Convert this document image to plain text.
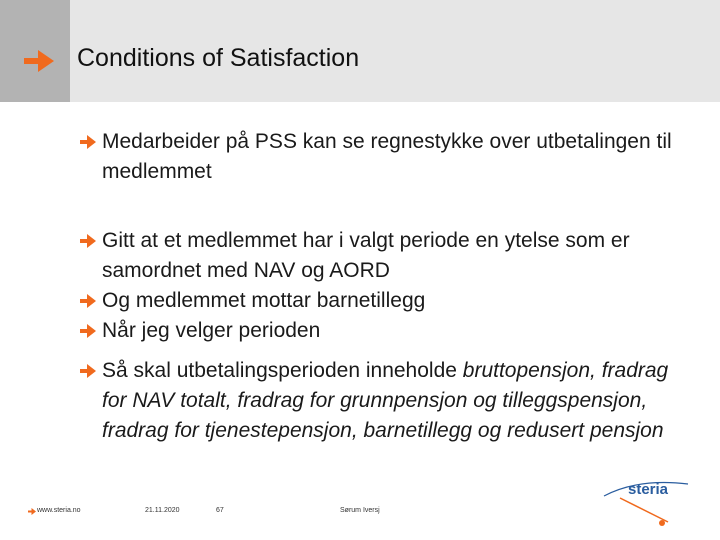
Conditions of Satisfaction
Medarbeider på PSS kan se regnestykke over utbetalingen til medlemmet
Gitt at et medlemmet har i valgt periode en ytelse som er samordnet med NAV og AORD
Og medlemmet mottar barnetillegg
Når jeg velger perioden
Så skal utbetalingsperioden inneholde bruttopensjon, fradrag for NAV totalt, fradrag for grunnpensjon og tilleggspensjon, fradrag for tjenestepensjon, barnetillegg og redusert pensjon
www.steria.no	21.11.2020	67	Sørum Iversj
steria
